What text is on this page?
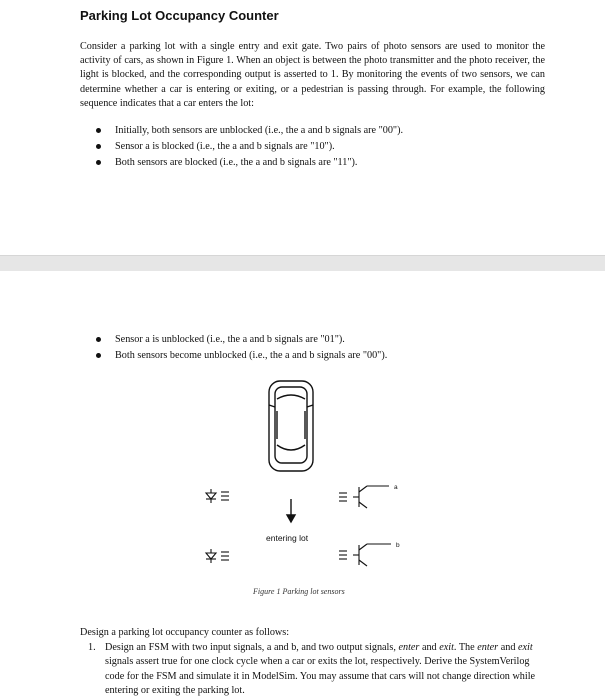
Parking Lot Occupancy Counter

Consider a parking lot with a single entry and exit gate. Two pairs of photo sensors are used to monitor the activity of cars, as shown in Figure 1. When an object is between the photo transmitter and the photo receiver, the light is blocked, and the corresponding output is asserted to 1. By monitoring the events of two sensors, we can determine whether a car is entering or exiting, or a pedestrian is passing through. For example, the following sequence indicates that a car enters the lot:

Initially, both sensors are unblocked (i.e., the a and b signals are "00").
Sensor a is blocked (i.e., the a and b signals are "10").
Both sensors are blocked (i.e., the a and b signals are "11").
Sensor a is unblocked (i.e., the a and b signals are "01").
Both sensors become unblocked (i.e., the a and b signals are "00").
entering lot
a
b
Figure 1 Parking lot sensors

Design a parking lot occupancy counter as follows:

1. Design an FSM with two input signals, a and b, and two output signals, enter and exit. The enter and exit signals assert true for one clock cycle when a car or exits the lot, respectively. Derive the SystemVerilog code for the FSM and simulate it in ModelSim. You may assume that cars will not change direction while entering or exiting the parking lot.
